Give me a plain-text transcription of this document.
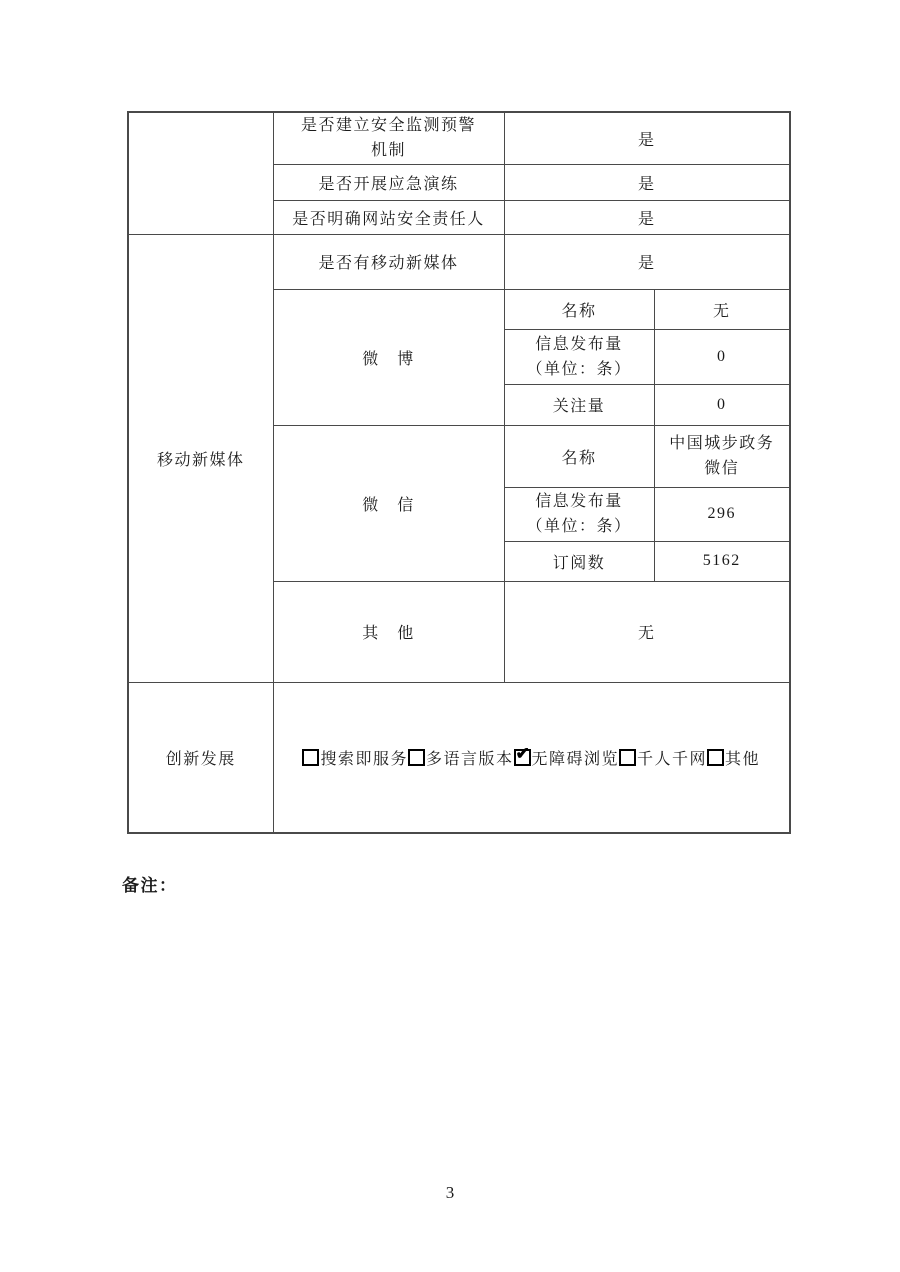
	是否建立安全监测预警
机制	是	
	是否开展应急演练	是	
	是否明确网站安全责任人	是	
移动新媒体	是否有移动新媒体	是	
	微　博	名称	无

		信息发布量
（单位：条）	0
		关注量	0
	微　信	名称	中国城步政务
微信

		信息发布量
（单位：条）	296
		订阅数	5162
	其　他	无	
创新发展	搜索即服务 多语言版本 ✔ 无障碍浏览 千人千网 其他
备注：
3
